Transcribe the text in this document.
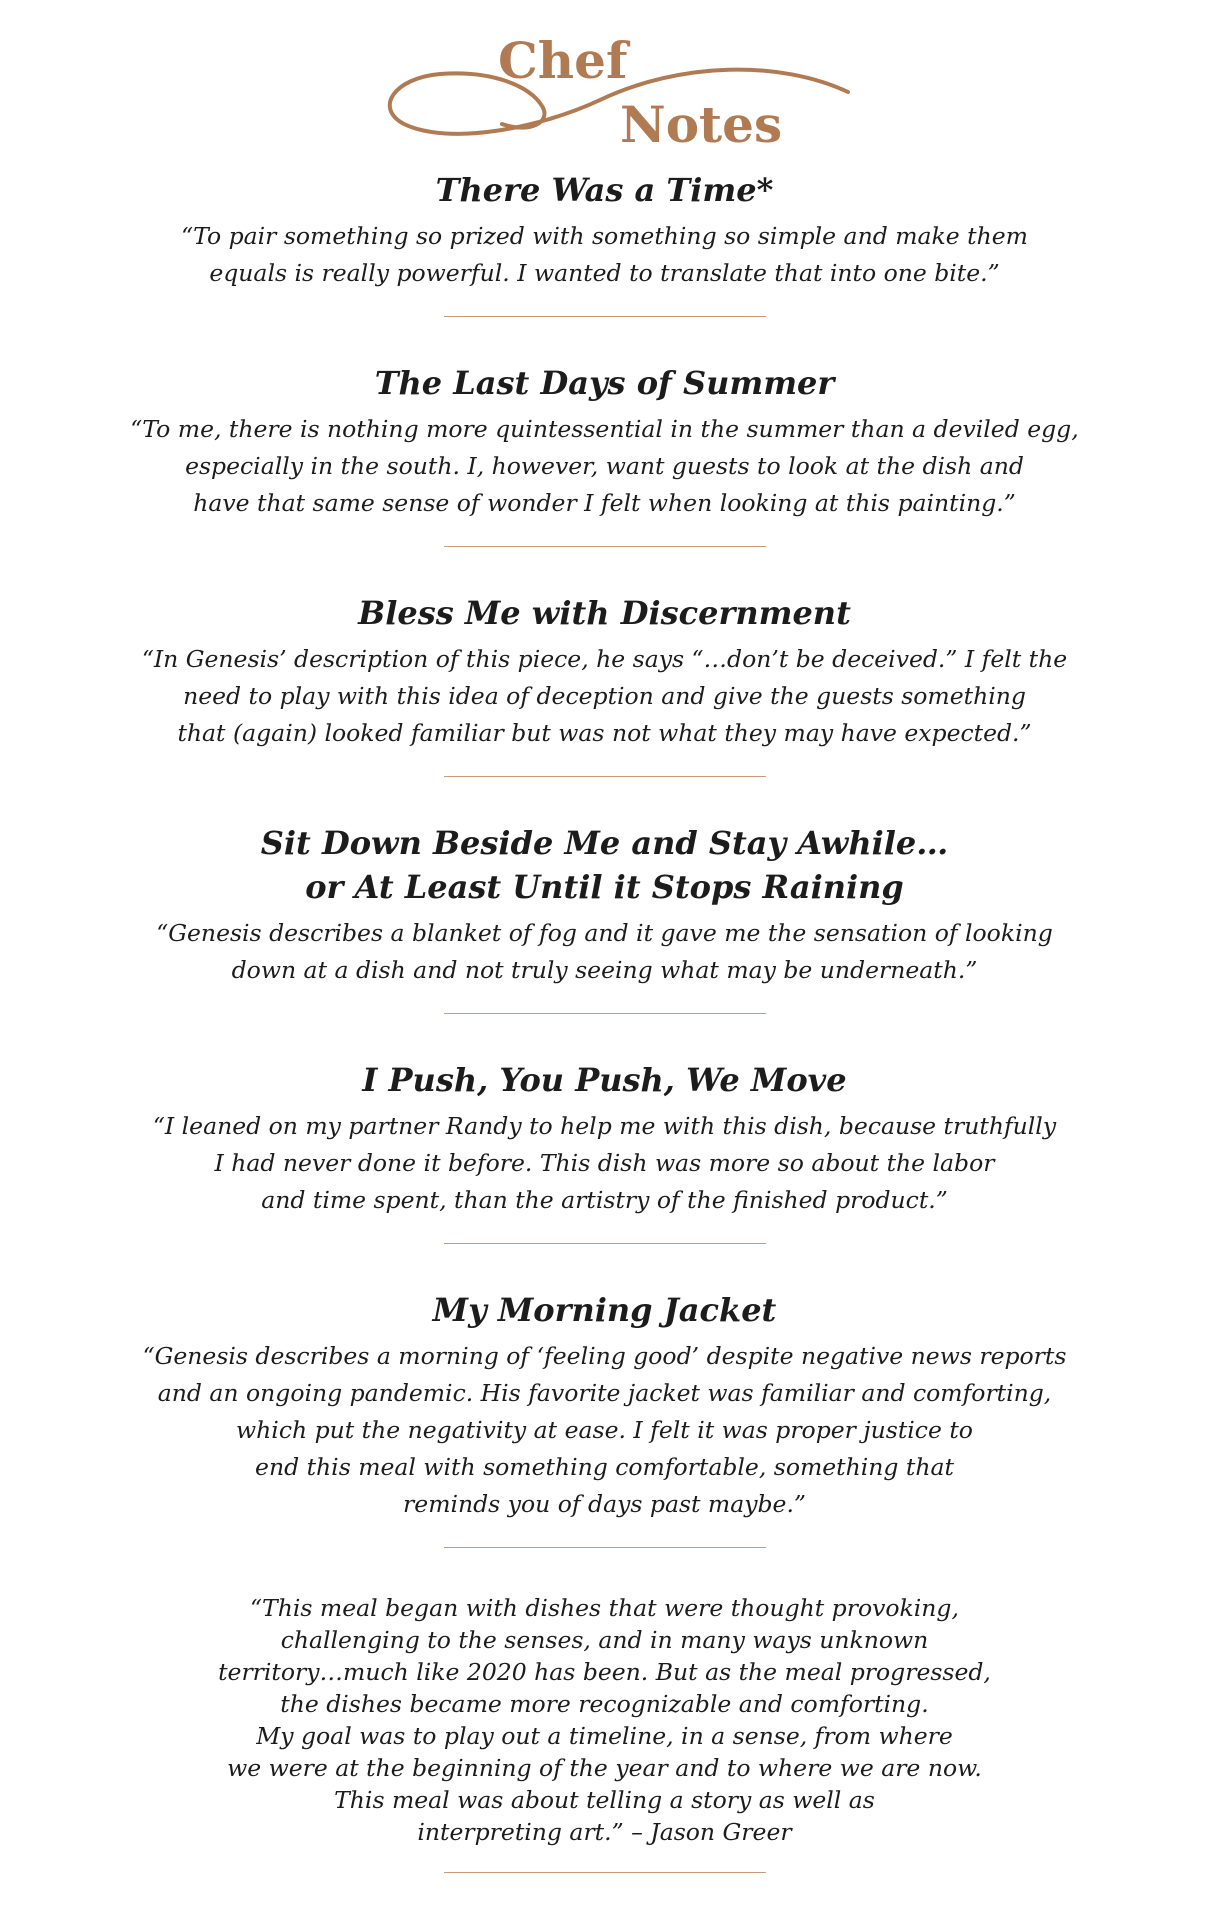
Chef
Notes
There Was a Time*

“To pair something so prized with something so simple and make them
equals is really powerful. I wanted to translate that into one bite.”

The Last Days of Summer

“To me, there is nothing more quintessential in the summer than a deviled egg,
especially in the south. I, however, want guests to look at the dish and
have that same sense of wonder I felt when looking at this painting.”

Bless Me with Discernment

“In Genesis’ description of this piece, he says “…don’t be deceived.” I felt the
need to play with this idea of deception and give the guests something
that (again) looked familiar but was not what they may have expected.”

Sit Down Beside Me and Stay Awhile…
or At Least Until it Stops Raining

“Genesis describes a blanket of fog and it gave me the sensation of looking
down at a dish and not truly seeing what may be underneath.”

I Push, You Push, We Move

“I leaned on my partner Randy to help me with this dish, because truthfully
I had never done it before. This dish was more so about the labor
and time spent, than the artistry of the finished product.”

My Morning Jacket

“Genesis describes a morning of ‘feeling good’ despite negative news reports
and an ongoing pandemic. His favorite jacket was familiar and comforting,
which put the negativity at ease. I felt it was proper justice to
end this meal with something comfortable, something that
reminds you of days past maybe.”

“This meal began with dishes that were thought provoking,
challenging to the senses, and in many ways unknown
territory…much like 2020 has been. But as the meal progressed,
the dishes became more recognizable and comforting.
My goal was to play out a timeline, in a sense, from where
we were at the beginning of the year and to where we are now.
This meal was about telling a story as well as
interpreting art.” – Jason Greer
